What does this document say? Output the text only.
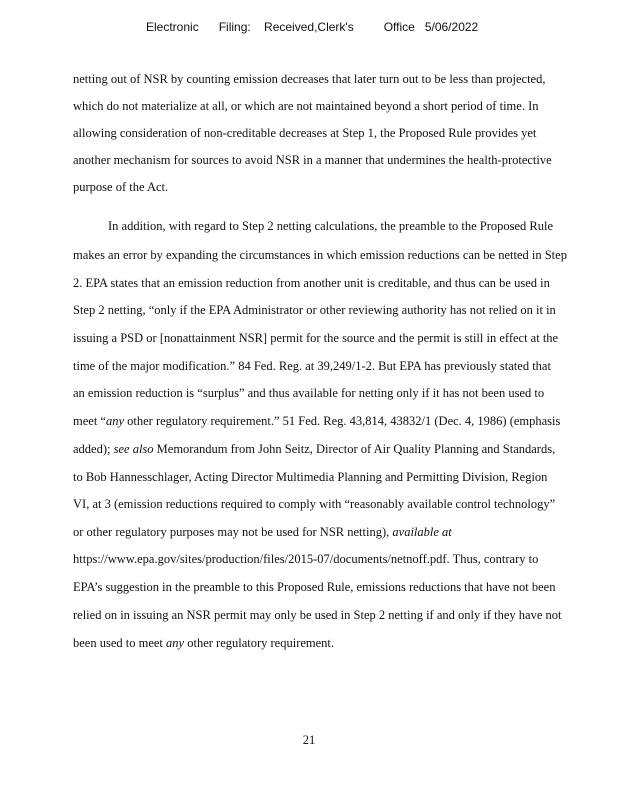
Electronic      Filing:    Received,Clerk's         Office   5/06/2022
netting out of NSR by counting emission decreases that later turn out to be less than projected,
which do not materialize at all, or which are not maintained beyond a short period of time. In
allowing consideration of non-creditable decreases at Step 1, the Proposed Rule provides yet
another mechanism for sources to avoid NSR in a manner that undermines the health-protective
purpose of the Act.
In addition, with regard to Step 2 netting calculations, the preamble to the Proposed Rule
makes an error by expanding the circumstances in which emission reductions can be netted in Step
2. EPA states that an emission reduction from another unit is creditable, and thus can be used in
Step 2 netting, “only if the EPA Administrator or other reviewing authority has not relied on it in
issuing a PSD or [nonattainment NSR] permit for the source and the permit is still in effect at the
time of the major modification.” 84 Fed. Reg. at 39,249/1-2. But EPA has previously stated that
an emission reduction is “surplus” and thus available for netting only if it has not been used to
meet “any other regulatory requirement.” 51 Fed. Reg. 43,814, 43832/1 (Dec. 4, 1986) (emphasis
added); see also Memorandum from John Seitz, Director of Air Quality Planning and Standards,
to Bob Hannesschlager, Acting Director Multimedia Planning and Permitting Division, Region
VI, at 3 (emission reductions required to comply with “reasonably available control technology”
or other regulatory purposes may not be used for NSR netting), available at
https://www.epa.gov/sites/production/files/2015-07/documents/netnoff.pdf. Thus, contrary to
EPA’s suggestion in the preamble to this Proposed Rule, emissions reductions that have not been
relied on in issuing an NSR permit may only be used in Step 2 netting if and only if they have not
been used to meet any other regulatory requirement.
21
